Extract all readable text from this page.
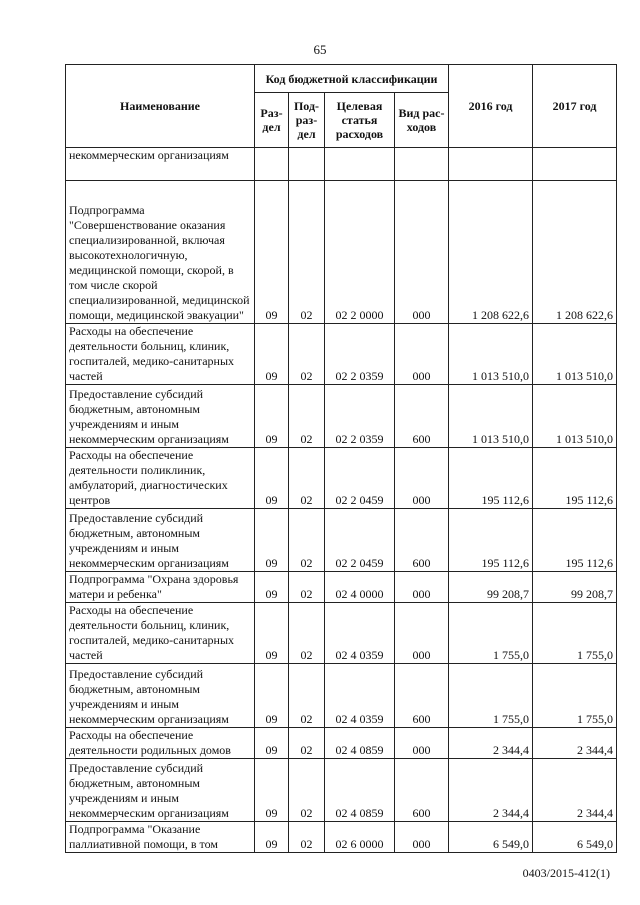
65
Наименование	Код бюджетной классификации				2016 год	2017 год
	Раз-дел	Под-раз-дел	Целевая статья расходов	Вид рас-ходов		
некоммерческим организациям						
Подпрограмма "Совершенствование оказания специализированной, включая высокотехнологичную, медицинской помощи, скорой, в том числе скорой специализированной, медицинской помощи, медицинской эвакуации"	09	02	02 2 0000	000	1 208 622,6	1 208 622,6
Расходы на обеспечение деятельности больниц, клиник, госпиталей, медико-санитарных частей	09	02	02 2 0359	000	1 013 510,0	1 013 510,0
Предоставление субсидий бюджетным, автономным учреждениям и иным некоммерческим организациям	09	02	02 2 0359	600	1 013 510,0	1 013 510,0
Расходы на обеспечение деятельности поликлиник, амбулаторий, диагностических центров	09	02	02 2 0459	000	195 112,6	195 112,6
Предоставление субсидий бюджетным, автономным учреждениям и иным некоммерческим организациям	09	02	02 2 0459	600	195 112,6	195 112,6
Подпрограмма "Охрана здоровья матери и ребенка"	09	02	02 4 0000	000	99 208,7	99 208,7
Расходы на обеспечение деятельности больниц, клиник, госпиталей, медико-санитарных частей	09	02	02 4 0359	000	1 755,0	1 755,0
Предоставление субсидий бюджетным, автономным учреждениям и иным некоммерческим организациям	09	02	02 4 0359	600	1 755,0	1 755,0
Расходы на обеспечение деятельности родильных домов	09	02	02 4 0859	000	2 344,4	2 344,4
Предоставление субсидий бюджетным, автономным учреждениям и иным некоммерческим организациям	09	02	02 4 0859	600	2 344,4	2 344,4
Подпрограмма "Оказание паллиативной помощи, в том	09	02	02 6 0000	000	6 549,0	6 549,0
0403/2015-412(1)
